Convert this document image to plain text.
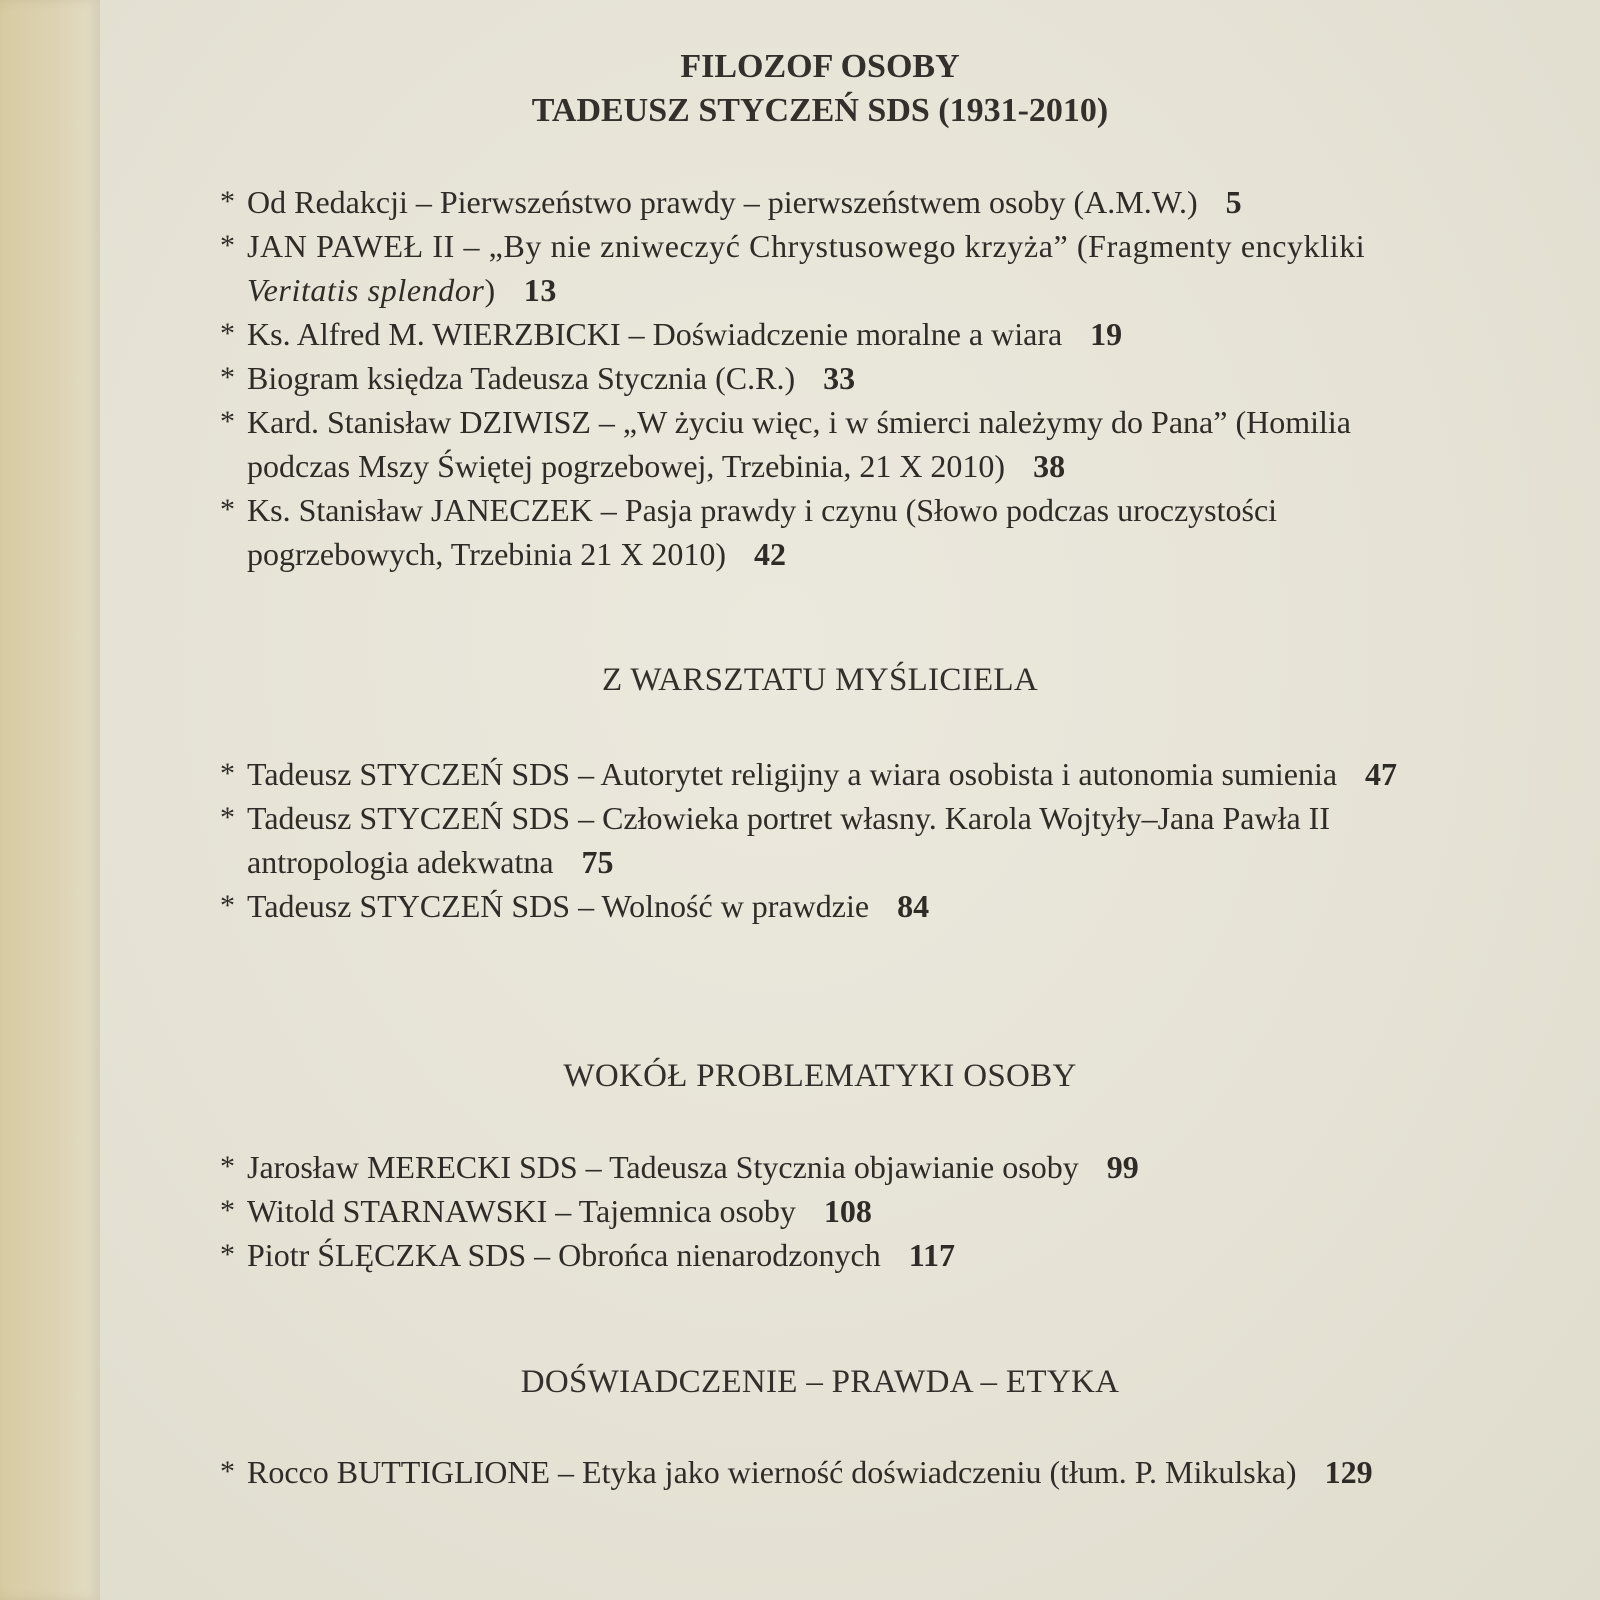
FILOZOF OSOBY
TADEUSZ STYCZEŃ SDS (1931-2010)

* Od Redakcji – Pierwszeństwo prawdy – pierwszeństwem osoby (A.M.W.) 5

* JAN PAWEŁ II – „By nie zniweczyć Chrystusowego krzyża” (Fragmenty encykliki Veritatis splendor) 13

* Ks. Alfred M. WIERZBICKI – Doświadczenie moralne a wiara 19

* Biogram księdza Tadeusza Stycznia (C.R.) 33

* Kard. Stanisław DZIWISZ – „W życiu więc, i w śmierci należymy do Pana” (Homilia podczas Mszy Świętej pogrzebowej, Trzebinia, 21 X 2010) 38

* Ks. Stanisław JANECZEK – Pasja prawdy i czynu (Słowo podczas uroczystości pogrzebowych, Trzebinia 21 X 2010) 42

Z WARSZTATU MYŚLICIELA

* Tadeusz STYCZEŃ SDS – Autorytet religijny a wiara osobista i autonomia sumienia 47

* Tadeusz STYCZEŃ SDS – Człowieka portret własny. Karola Wojtyły–Jana Pawła II antropologia adekwatna 75

* Tadeusz STYCZEŃ SDS – Wolność w prawdzie 84

WOKÓŁ PROBLEMATYKI OSOBY

* Jarosław MERECKI SDS – Tadeusza Stycznia objawianie osoby 99

* Witold STARNAWSKI – Tajemnica osoby 108

* Piotr ŚLĘCZKA SDS – Obrońca nienarodzonych 117

DOŚWIADCZENIE – PRAWDA – ETYKA

* Rocco BUTTIGLIONE – Etyka jako wierność doświadczeniu (tłum. P. Mikulska) 129
